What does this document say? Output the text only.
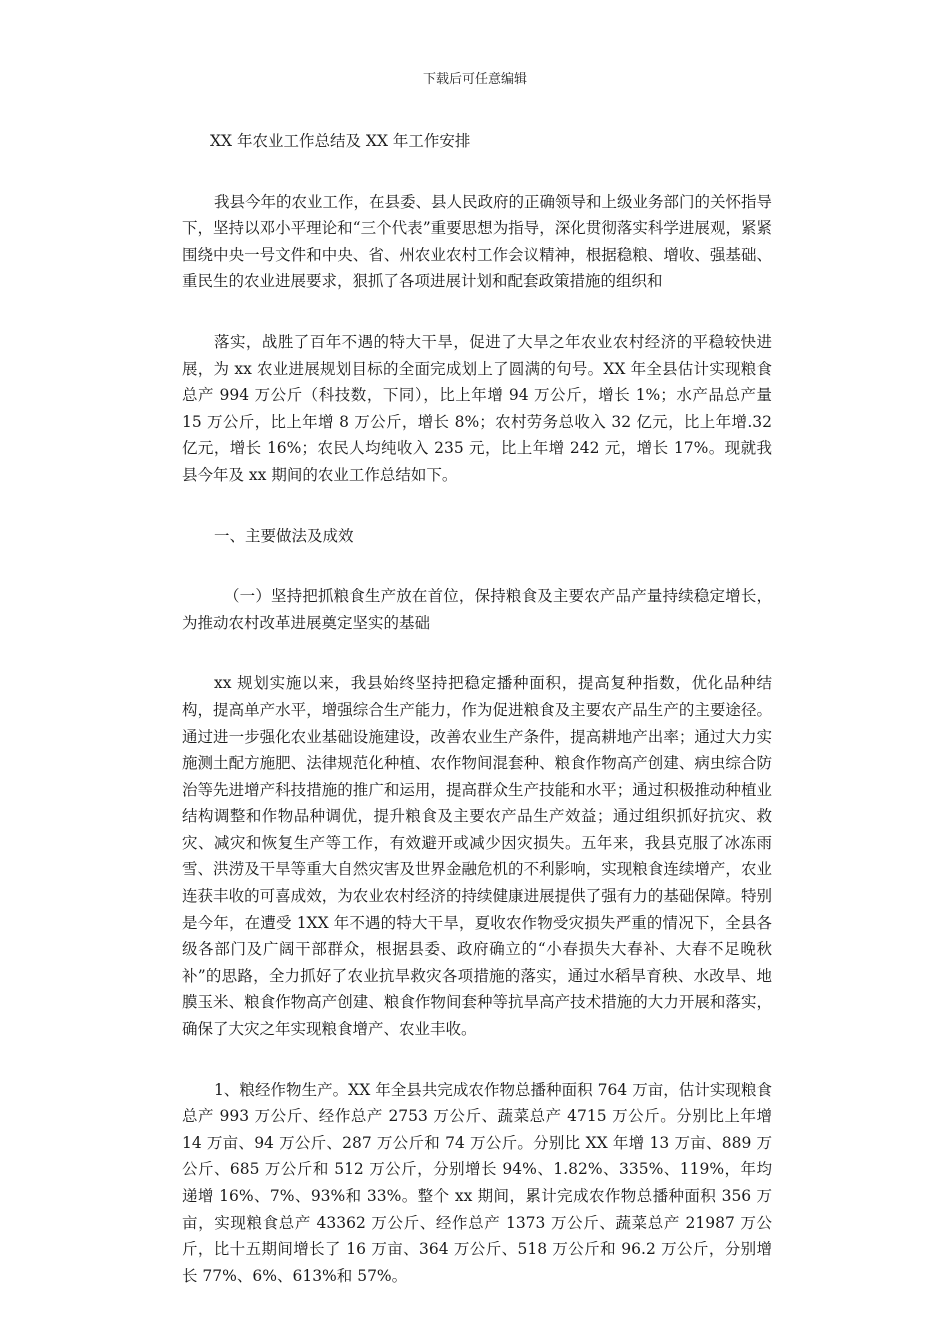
下载后可任意编辑

XX 年农业工作总结及 XX 年工作安排

我县今年的农业工作，在县委、县人民政府的正确领导和上级业务部门的关怀指导下，坚持以邓小平理论和“三个代表”重要思想为指导，深化贯彻落实科学进展观，紧紧围绕中央一号文件和中央、省、州农业农村工作会议精神，根据稳粮、增收、强基础、重民生的农业进展要求，狠抓了各项进展计划和配套政策措施的组织和

落实，战胜了百年不遇的特大干旱，促进了大旱之年农业农村经济的平稳较快进展，为 xx 农业进展规划目标的全面完成划上了圆满的句号。XX 年全县估计实现粮食总产 994 万公斤（科技数，下同），比上年增 94 万公斤，增长 1%；水产品总产量 15 万公斤，比上年增 8 万公斤，增长 8%；农村劳务总收入 32 亿元，比上年增.32 亿元，增长 16%；农民人均纯收入 235 元，比上年增 242 元，增长 17%。现就我县今年及 xx 期间的农业工作总结如下。

一、主要做法及成效

（一）坚持把抓粮食生产放在首位，保持粮食及主要农产品产量持续稳定增长，为推动农村改革进展奠定坚实的基础

xx 规划实施以来，我县始终坚持把稳定播种面积，提高复种指数，优化品种结构，提高单产水平，增强综合生产能力，作为促进粮食及主要农产品生产的主要途径。通过进一步强化农业基础设施建设，改善农业生产条件，提高耕地产出率；通过大力实施测土配方施肥、法律规范化种植、农作物间混套种、粮食作物高产创建、病虫综合防治等先进增产科技措施的推广和运用，提高群众生产技能和水平；通过积极推动种植业结构调整和作物品种调优，提升粮食及主要农产品生产效益；通过组织抓好抗灾、救灾、减灾和恢复生产等工作，有效避开或减少因灾损失。五年来，我县克服了冰冻雨雪、洪涝及干旱等重大自然灾害及世界金融危机的不利影响，实现粮食连续增产，农业连获丰收的可喜成效，为农业农村经济的持续健康进展提供了强有力的基础保障。特别是今年，在遭受 1XX 年不遇的特大干旱，夏收农作物受灾损失严重的情况下，全县各级各部门及广阔干部群众，根据县委、政府确立的“小春损失大春补、大春不足晚秋补”的思路，全力抓好了农业抗旱救灾各项措施的落实，通过水稻旱育秧、水改旱、地膜玉米、粮食作物高产创建、粮食作物间套种等抗旱高产技术措施的大力开展和落实，确保了大灾之年实现粮食增产、农业丰收。

1、粮经作物生产。XX 年全县共完成农作物总播种面积 764 万亩，估计实现粮食总产 993 万公斤、经作总产 2753 万公斤、蔬菜总产 4715 万公斤。分别比上年增 14 万亩、94 万公斤、287 万公斤和 74 万公斤。分别比 XX 年增 13 万亩、889 万公斤、685 万公斤和 512 万公斤，分别增长 94%、1.82%、335%、119%，年均递增 16%、7%、93%和 33%。整个 xx 期间，累计完成农作物总播种面积 356 万亩，实现粮食总产 43362 万公斤、经作总产 1373 万公斤、蔬菜总产 21987 万公斤，比十五期间增长了 16 万亩、364 万公斤、518 万公斤和 96.2 万公斤，分别增长 77%、6%、613%和 57%。
